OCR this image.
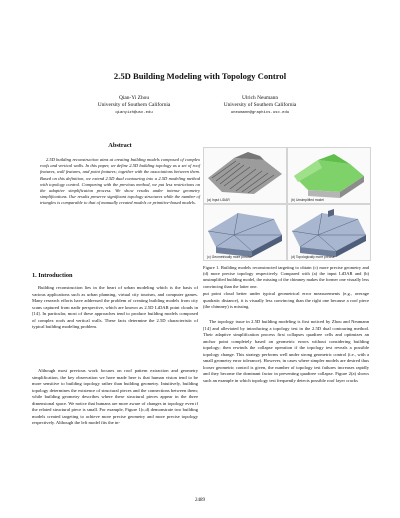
2.5D Building Modeling with Topology Control
Qian-Yi Zhou
University of Southern California
qianyizh@usc.edu
Ulrich Neumann
University of Southern California
uneumann@graphics.usc.edu
Abstract
2.5D building reconstruction aims at creating building models composed of complex roofs and vertical walls. In this paper, we define 2.5D building topology as a set of roof features, wall features, and point features; together with the associations between them. Based on this definition, we extend 2.5D dual contouring into a 2.5D modeling method with topology control. Comparing with the previous method, we put less restrictions on the adaptive simplification process. We show results under intense geometry simplifications. Our results preserve significant topology structures while the number of triangles is comparable to that of manually created models or primitive-based models.
1. Introduction
Building reconstruction lies in the heart of urban modeling which is the basis of various applications such as urban planning, virtual city tourism, and computer games. Many research efforts have addressed the problem of creating building models from city scans captured from nadir perspective, which are known as 2.5D LiDAR point clouds in [14]. In particular, most of these approaches tend to produce building models composed of complex roofs and vertical walls. These facts determine the 2.5D characteristic of typical building modeling problem.
Although most previous work focuses on roof pattern extraction and geometry simplification, the key observation we have made here is that human vision tend to be more sensitive to building topology rather than building geometry. Intuitively, building topology determines the existence of structural pieces and the connections between them; while building geometry describes where these structural pieces appear in the three dimensional space. We notice that humans are more aware of changes in topology even if the related structural piece is small. For example, Figure 1(c,d) demonstrate two building models created targeting to achieve more precise geometry and more precise topology respectively. Although the left model fits the in-
(a) Input LiDAR	(b) Unsimplified model
(c) Geometrically more precise	(d) Topologically more precise
Figure 1. Building models reconstructed targeting to obtain (c) more precise geometry and (d) more precise topology respectively. Compared with (a) the input LiDAR and (b) unsimplified building model, the missing of the chimney makes the former one visually less convincing than the latter one.
put point cloud better under typical geometrical error measurements (e.g., average quadratic distance), it is visually less convincing than the right one because a roof piece (the chimney) is missing.
The topology issue in 2.5D building modeling is first noticed by Zhou and Neumann [14] and alleviated by introducing a topology test in the 2.5D dual contouring method. Their adaptive simplification process first collapses quadtree cells and optimizes an anchor point completely based on geometric errors without considering building topology; then rewinds the collapse operation if the topology test reveals a possible topology change. This strategy performs well under strong geometric control (i.e., with a small geometry error tolerance). However, in cases where simpler models are desired thus looser geometric control is given, the number of topology test failures increases rapidly and they become the dominant factor in preventing quadtree collapse. Figure 2(a) shows such an example in which topology test frequently detects possible roof layer cracks
2489
